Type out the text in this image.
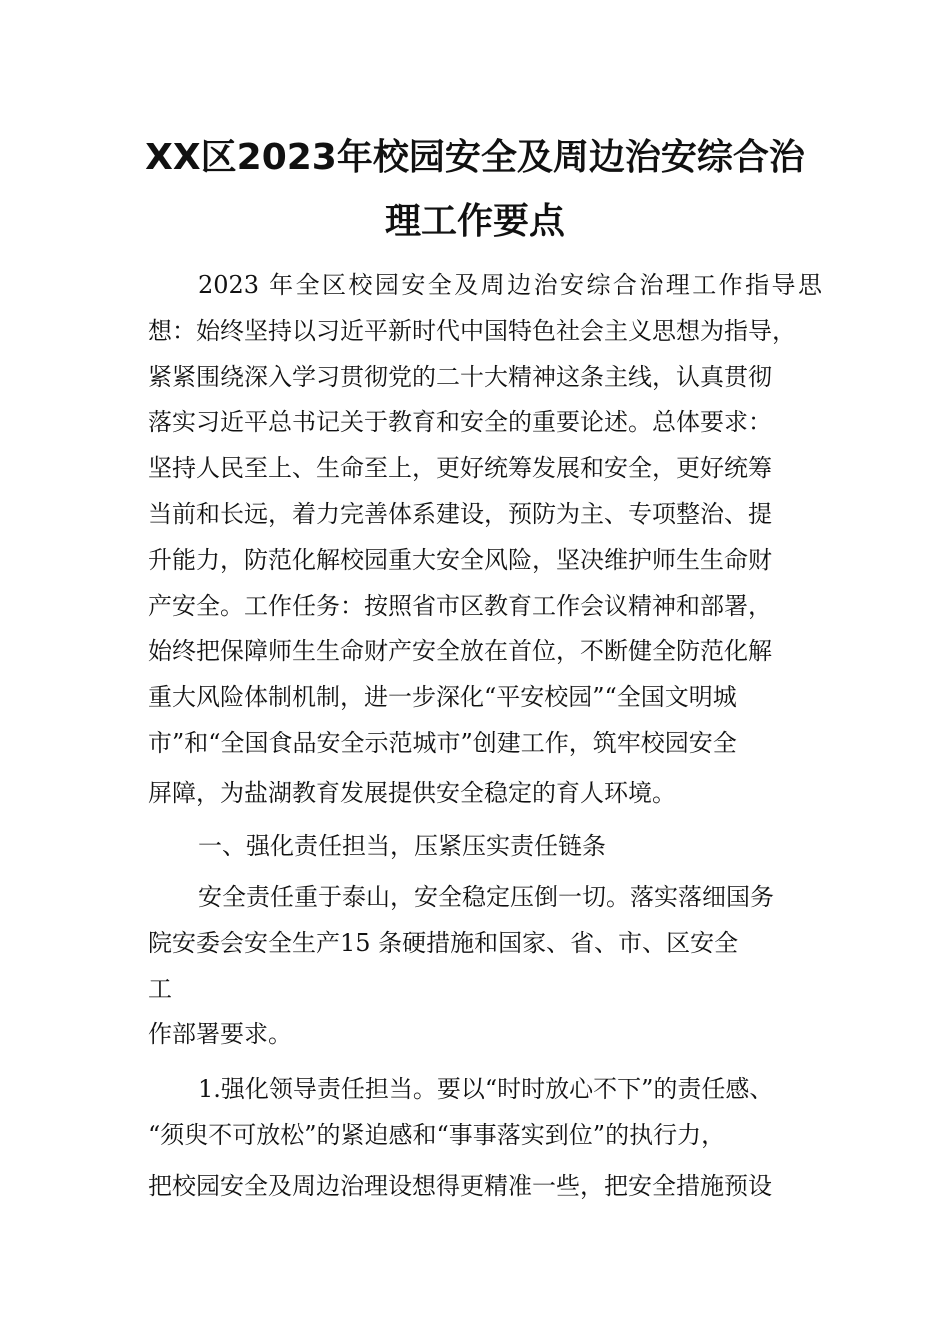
XX区2023年校园安全及周边治安综合治
理工作要点
2023 年全区校园安全及周边治安综合治理工作指导思
想：始终坚持以习近平新时代中国特色社会主义思想为指导，
紧紧围绕深入学习贯彻党的二十大精神这条主线，认真贯彻
落实习近平总书记关于教育和安全的重要论述。总体要求：
坚持人民至上、生命至上，更好统筹发展和安全，更好统筹
当前和长远，着力完善体系建设，预防为主、专项整治、提
升能力，防范化解校园重大安全风险，坚决维护师生生命财
产安全。工作任务：按照省市区教育工作会议精神和部署，
始终把保障师生生命财产安全放在首位，不断健全防范化解
重大风险体制机制，进一步深化“平安校园”“全国文明城
市”和“全国食品安全示范城市”创建工作，筑牢校园安全
屏障，为盐湖教育发展提供安全稳定的育人环境。
一、强化责任担当，压紧压实责任链条
安全责任重于泰山，安全稳定压倒一切。落实落细国务
院安委会安全生产15 条硬措施和国家、省、市、区安全
工
作部署要求。
1.强化领导责任担当。要以“时时放心不下”的责任感、
“须臾不可放松”的紧迫感和“事事落实到位”的执行力，
把校园安全及周边治理设想得更精准一些，把安全措施预设
